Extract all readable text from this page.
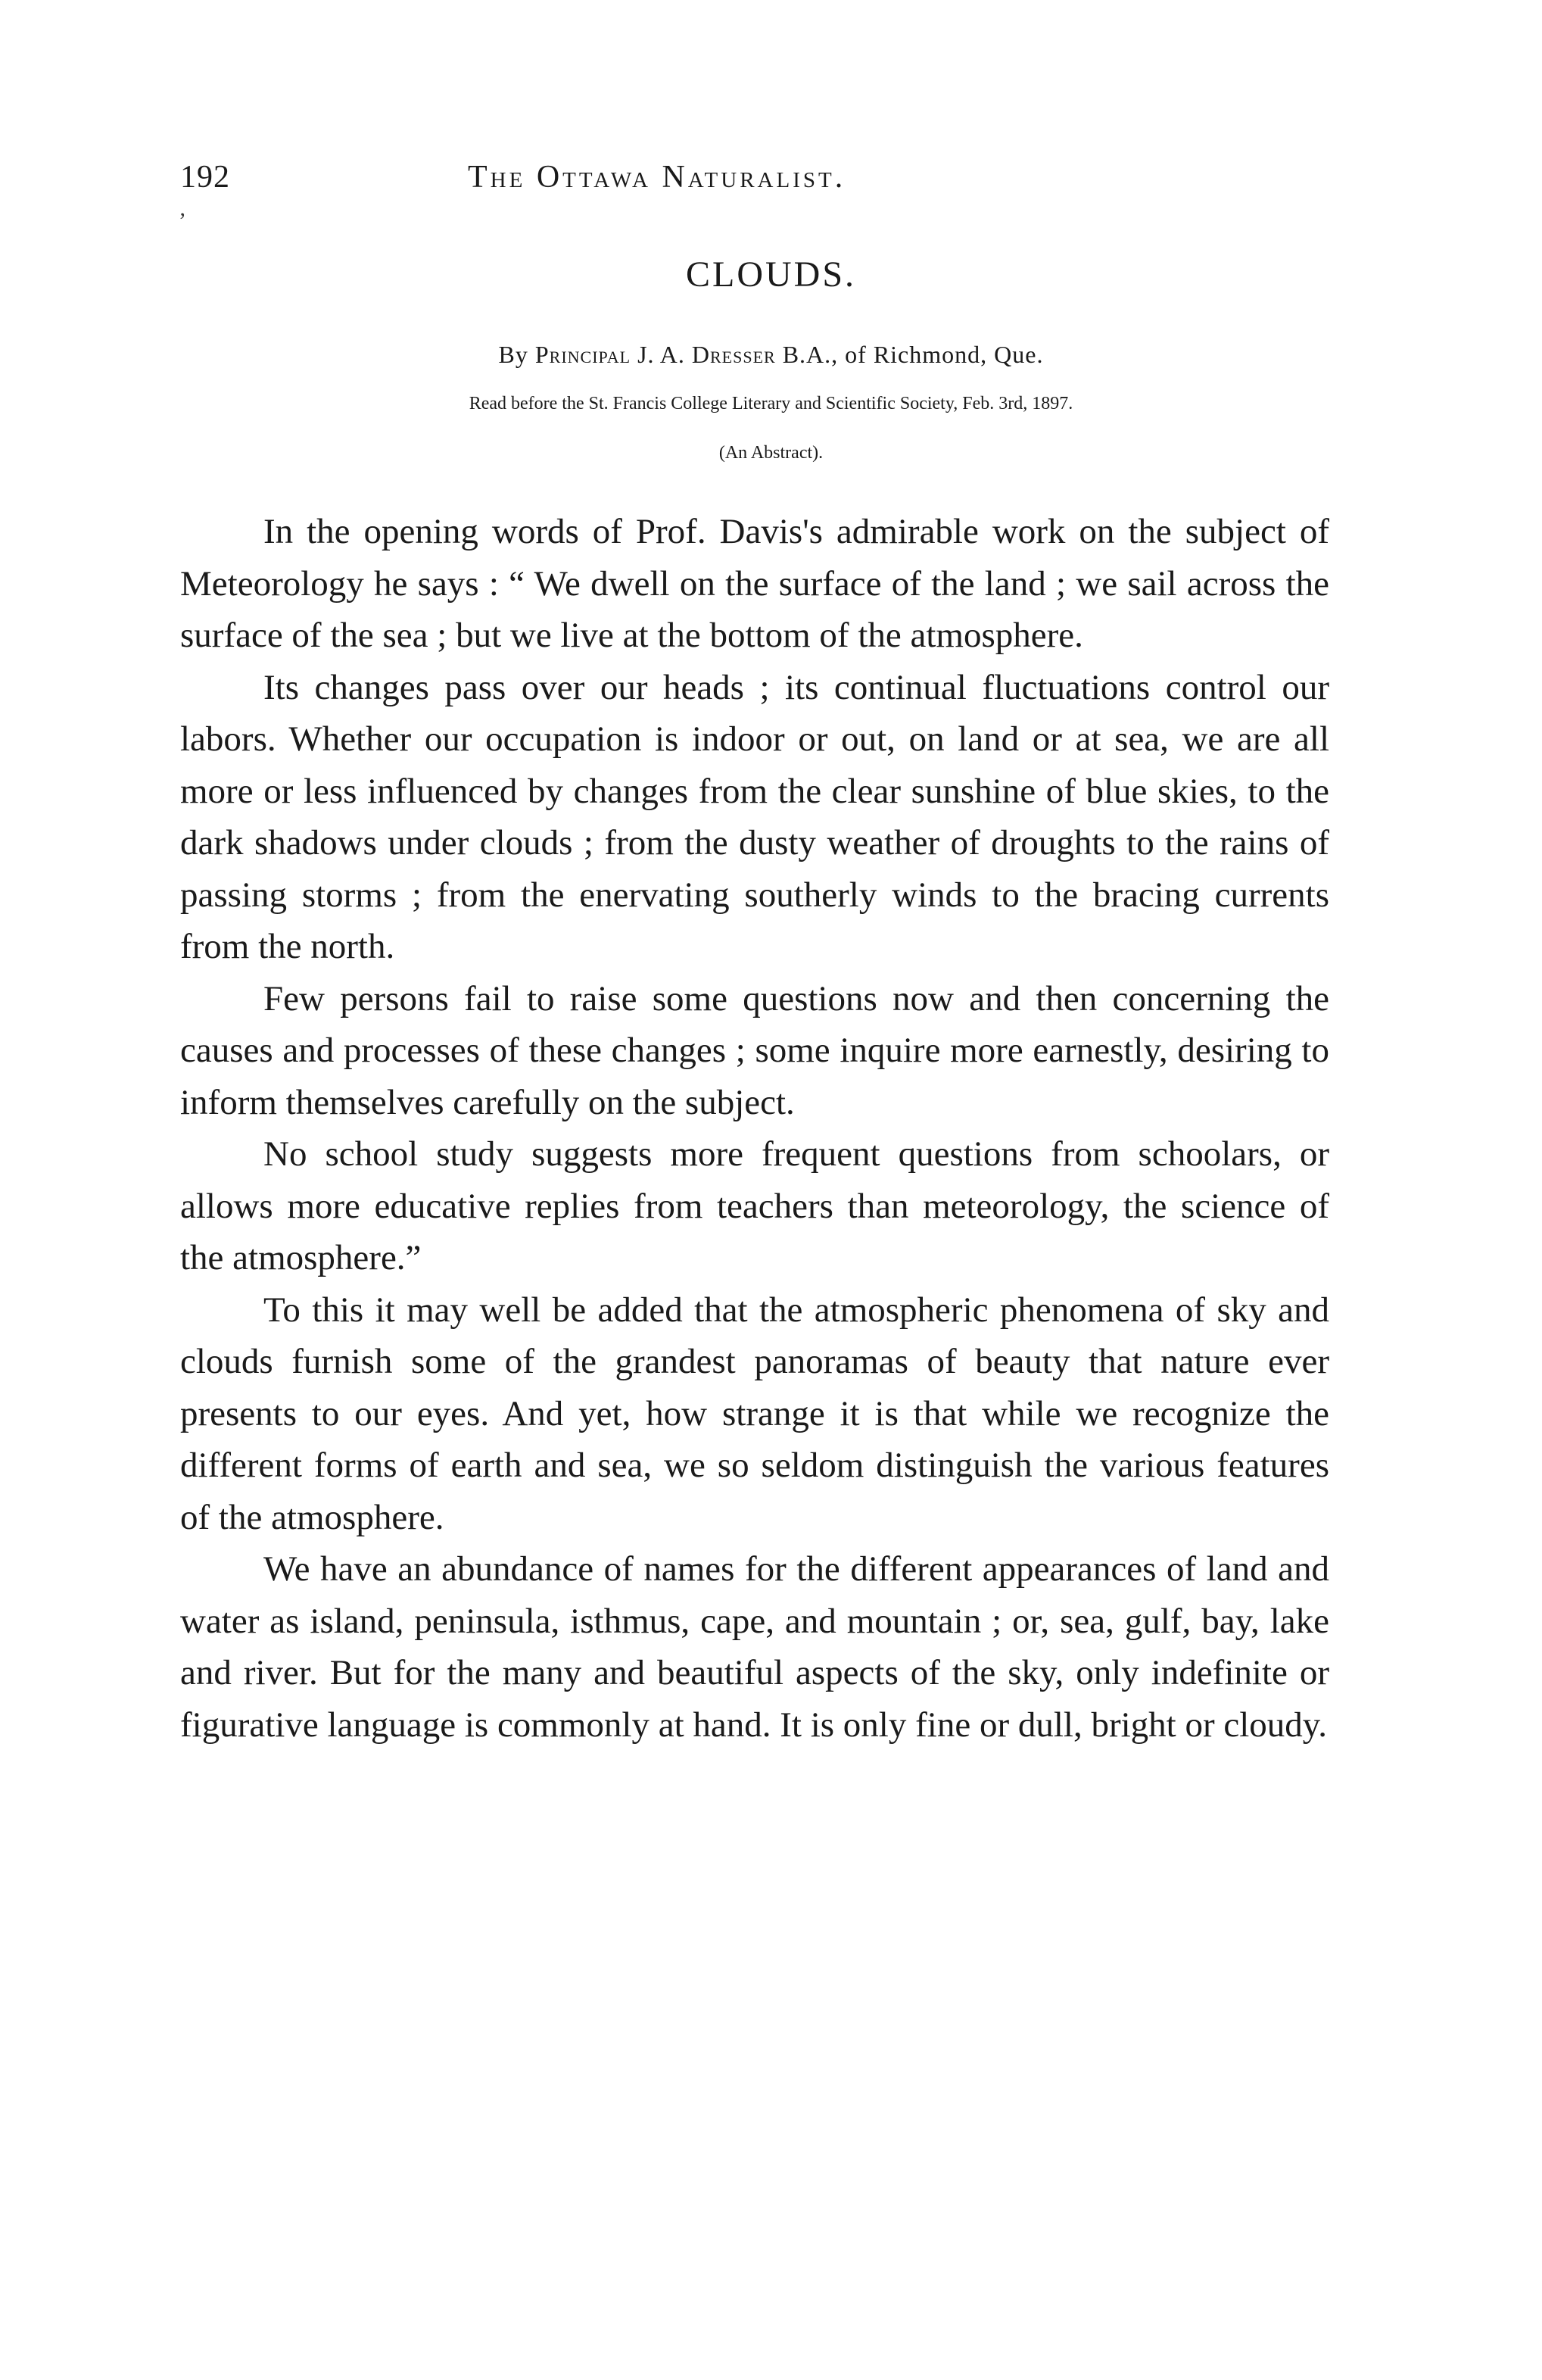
192	The Ottawa Naturalist.
’
CLOUDS.
By Principal J. A. Dresser B.A., of Richmond, Que.
Read before the St. Francis College Literary and Scientific Society, Feb. 3rd, 1897.
(An Abstract).

In the opening words of Prof. Davis's admirable work on the subject of Meteorology he says : “ We dwell on the surface of the land ; we sail across the surface of the sea ; but we live at the bottom of the atmosphere.

Its changes pass over our heads ; its continual fluctuations control our labors. Whether our occupation is indoor or out, on land or at sea, we are all more or less influenced by changes from the clear sunshine of blue skies, to the dark shadows under clouds ; from the dusty weather of droughts to the rains of passing storms ; from the enervating southerly winds to the bracing currents from the north.

Few persons fail to raise some questions now and then concerning the causes and processes of these changes ; some inquire more earnestly, desiring to inform themselves carefully on the subject.

No school study suggests more frequent questions from schoolars, or allows more educative replies from teachers than meteorology, the science of the atmosphere.”

To this it may well be added that the atmospheric phenomena of sky and clouds furnish some of the grandest panoramas of beauty that nature ever presents to our eyes. And yet, how strange it is that while we recognize the different forms of earth and sea, we so seldom distinguish the various features of the atmosphere.

We have an abundance of names for the different appearances of land and water as island, peninsula, isthmus, cape, and mountain ; or, sea, gulf, bay, lake and river. But for the many and beautiful aspects of the sky, only indefinite or figurative language is commonly at hand. It is only fine or dull, bright or cloudy.
